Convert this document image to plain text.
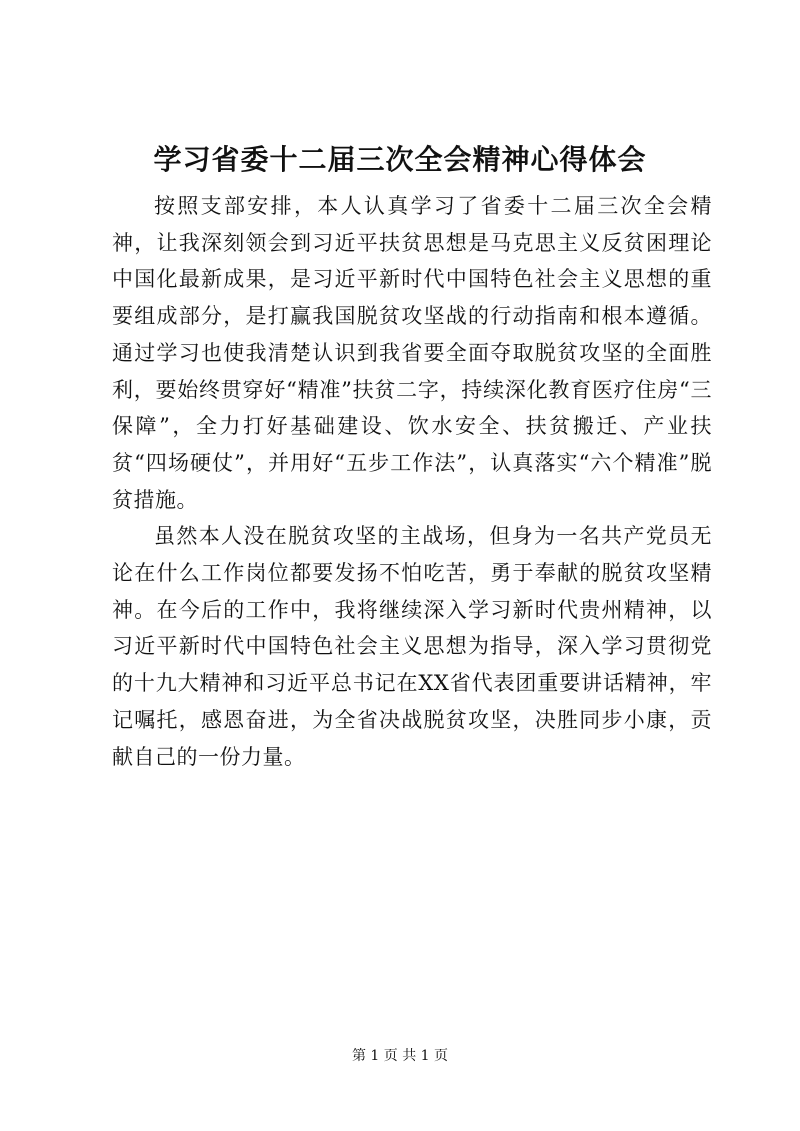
学习省委十二届三次全会精神心得体会

按照支部安排，本人认真学习了省委十二届三次全会精神，让我深刻领会到习近平扶贫思想是马克思主义反贫困理论中国化最新成果，是习近平新时代中国特色社会主义思想的重要组成部分，是打赢我国脱贫攻坚战的行动指南和根本遵循。通过学习也使我清楚认识到我省要全面夺取脱贫攻坚的全面胜利，要始终贯穿好“精准”扶贫二字，持续深化教育医疗住房“三保障”，全力打好基础建设、饮水安全、扶贫搬迁、产业扶贫“四场硬仗”，并用好“五步工作法”，认真落实“六个精准”脱贫措施。

虽然本人没在脱贫攻坚的主战场，但身为一名共产党员无论在什么工作岗位都要发扬不怕吃苦，勇于奉献的脱贫攻坚精神。在今后的工作中，我将继续深入学习新时代贵州精神，以习近平新时代中国特色社会主义思想为指导，深入学习贯彻党的十九大精神和习近平总书记在XX省代表团重要讲话精神，牢记嘱托，感恩奋进，为全省决战脱贫攻坚，决胜同步小康，贡献自己的一份力量。

第 1 页 共 1 页
